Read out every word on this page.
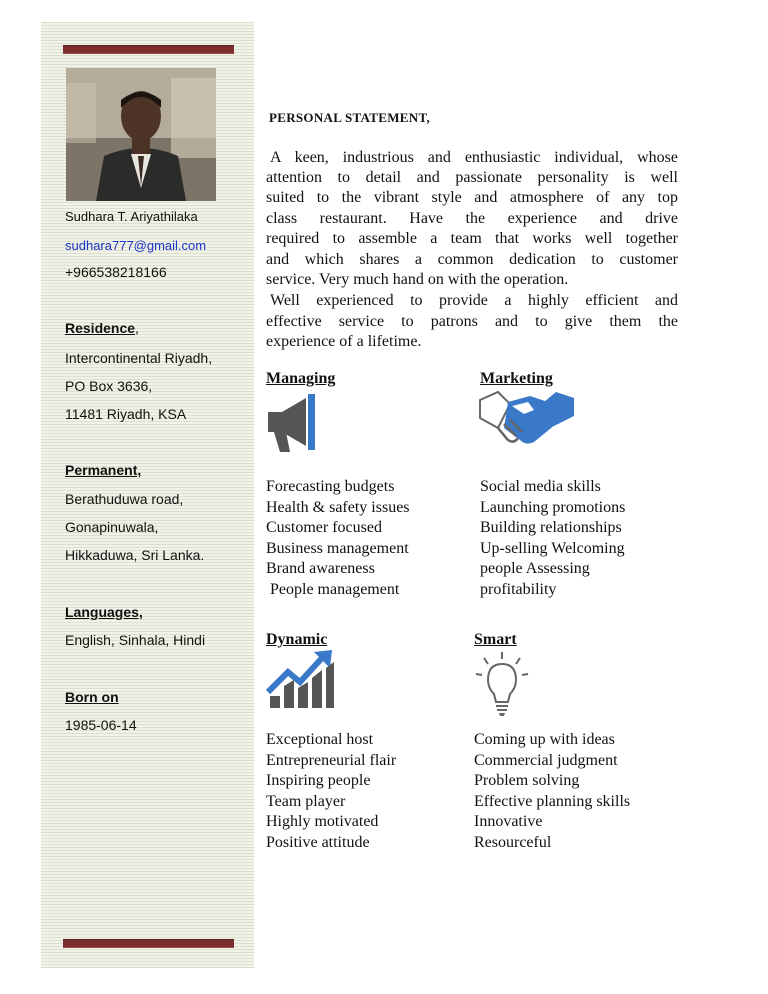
Sudhara T. Ariyathilaka
sudhara777@gmail.com
+966538218166
Residence,
Intercontinental Riyadh,
PO Box 3636,
11481 Riyadh, KSA
Permanent,
Berathuduwa road,
Gonapinuwala,
Hikkaduwa, Sri Lanka.
Languages,
English, Sinhala, Hindi
Born on
1985-06-14
PERSONAL STATEMENT,
A keen, industrious and enthusiastic individual, whose
attention to detail and passionate personality is well
suited to the vibrant style and atmosphere of any top
class restaurant. Have the experience and drive
required to assemble a team that works well together
and which shares a common dedication to customer
service. Very much hand on with the operation.
Well experienced to provide a highly efficient and
effective service to patrons and to give them the
experience of a lifetime.
Managing
Forecasting budgets
Health & safety issues
Customer focused
Business management
Brand awareness
People management
Marketing
Social media skills
Launching promotions
Building relationships
Up-selling Welcoming
people Assessing
profitability
Dynamic
Exceptional host
Entrepreneurial flair
Inspiring people
Team player
Highly motivated
Positive attitude
Smart
Coming up with ideas
Commercial judgment
Problem solving
Effective planning skills
Innovative
Resourceful
